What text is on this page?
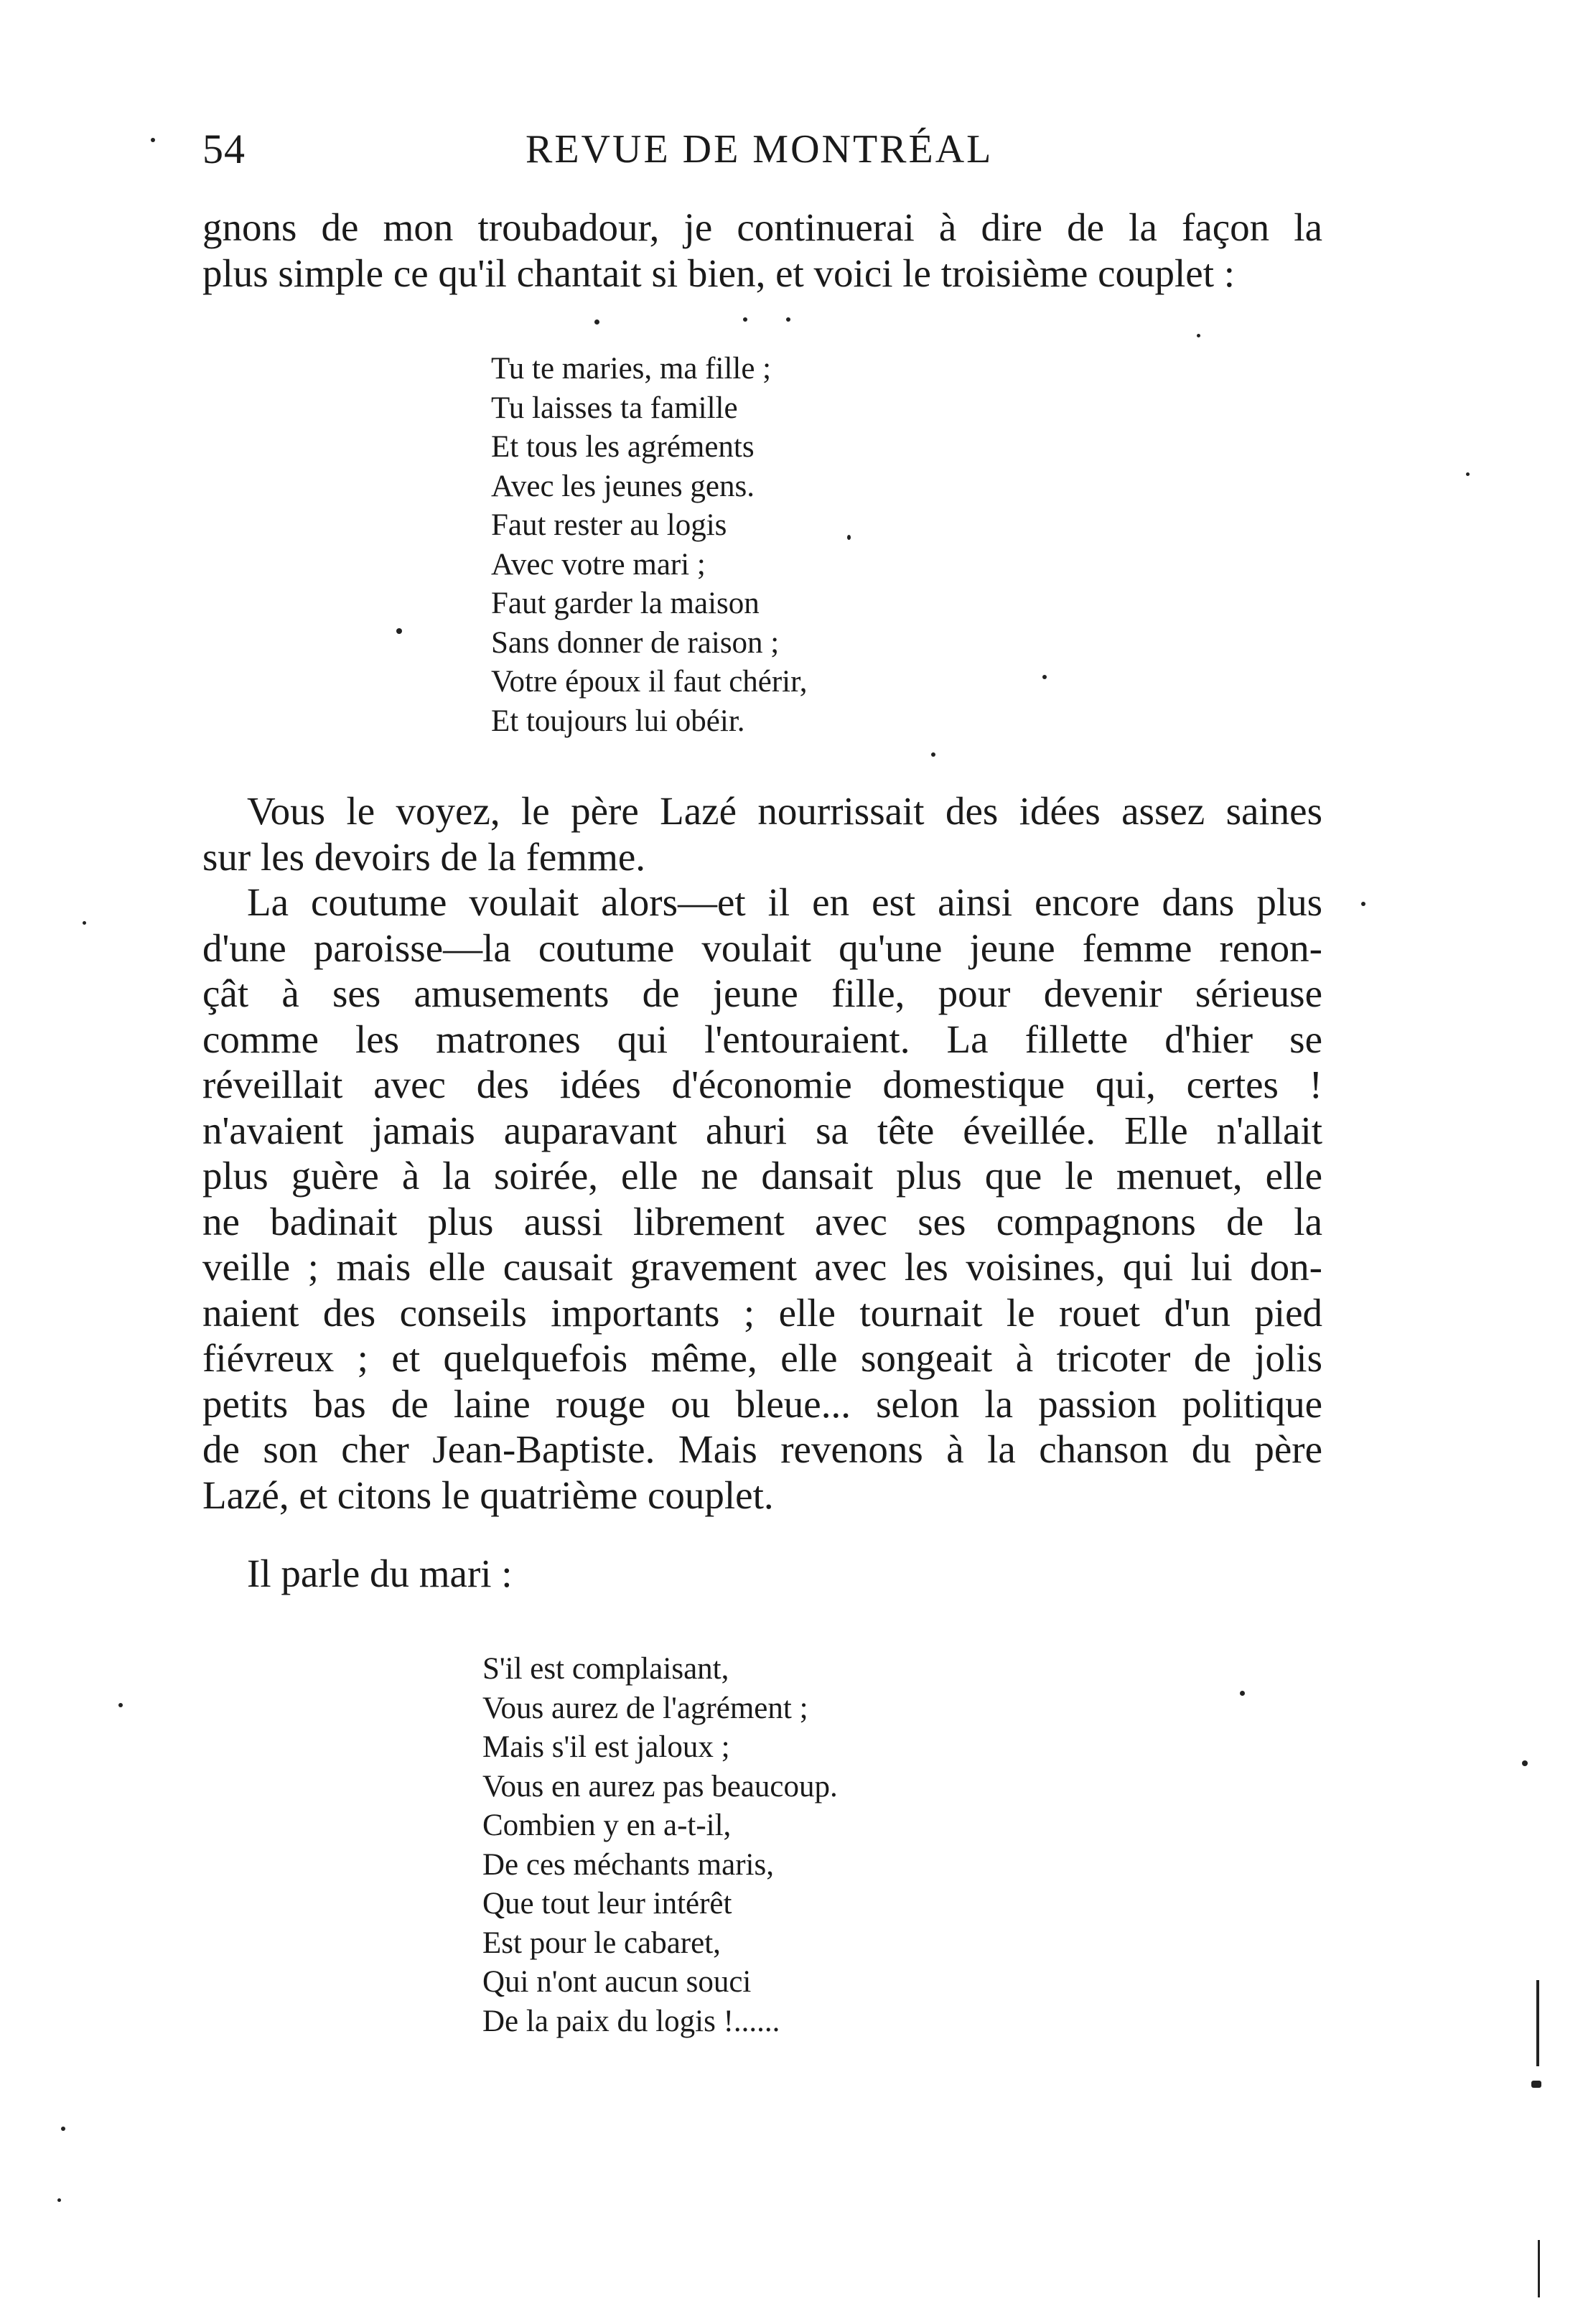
54	REVUE DE MONTRÉAL

gnons de mon troubadour, je continuerai à dire de la façon la
plus simple ce qu'il chantait si bien, et voici le troisième couplet :

Tu te maries, ma fille ;
Tu laisses ta famille
Et tous les agréments
Avec les jeunes gens.
Faut rester au logis
Avec votre mari ;
Faut garder la maison
Sans donner de raison ;
Votre époux il faut chérir,
Et toujours lui obéir.

Vous le voyez, le père Lazé nourrissait des idées assez saines
sur les devoirs de la femme.

La coutume voulait alors—et il en est ainsi encore dans plus
d'une paroisse—la coutume voulait qu'une jeune femme renon-
çât à ses amusements de jeune fille, pour devenir sérieuse
comme les matrones qui l'entouraient. La fillette d'hier se
réveillait avec des idées d'économie domestique qui, certes !
n'avaient jamais auparavant ahuri sa tête éveillée. Elle n'allait
plus guère à la soirée, elle ne dansait plus que le menuet, elle
ne badinait plus aussi librement avec ses compagnons de la
veille ; mais elle causait gravement avec les voisines, qui lui don-
naient des conseils importants ; elle tournait le rouet d'un pied
fiévreux ; et quelquefois même, elle songeait à tricoter de jolis
petits bas de laine rouge ou bleue... selon la passion politique
de son cher Jean-Baptiste. Mais revenons à la chanson du père
Lazé, et citons le quatrième couplet.

Il parle du mari :

S'il est complaisant,
Vous aurez de l'agrément ;
Mais s'il est jaloux ;
Vous en aurez pas beaucoup.
Combien y en a-t-il,
De ces méchants maris,
Que tout leur intérêt
Est pour le cabaret,
Qui n'ont aucun souci
De la paix du logis !......
